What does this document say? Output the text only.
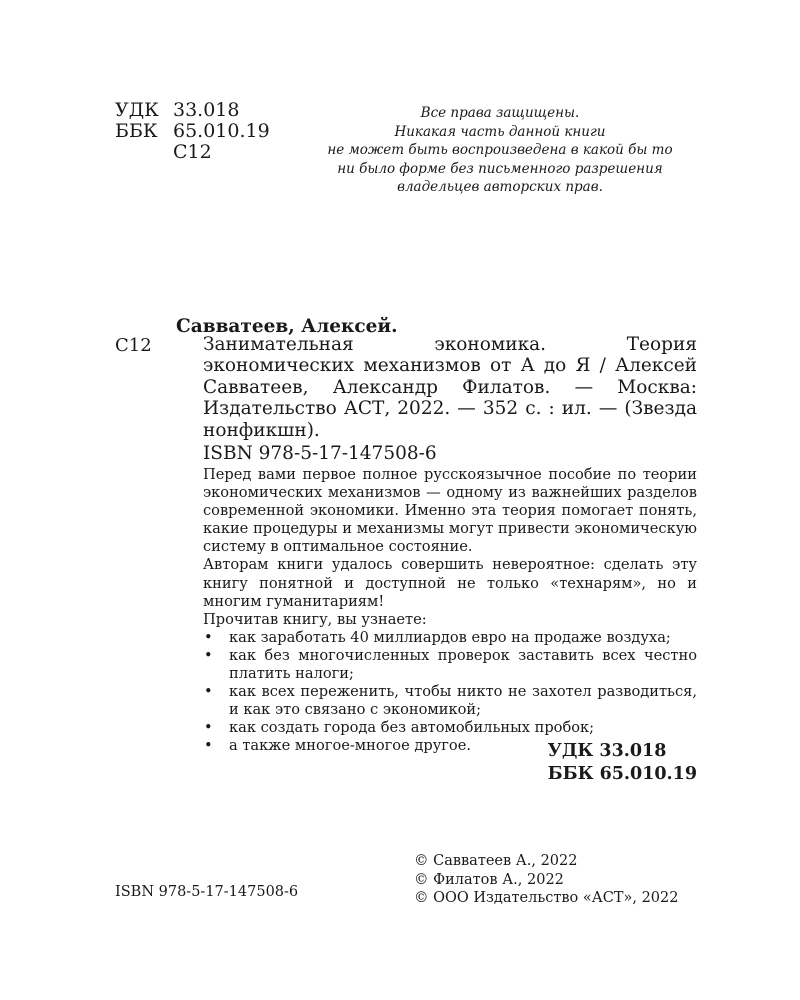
УДК 33.018
ББК 65.010.19
С12
Все права защищены.
Никакая часть данной книги
не может быть воспроизведена в какой бы то
ни было форме без письменного разрешения
владельцев авторских прав.
Савватеев, Алексей.
С12	Занимательная экономика. Теория экономических механизмов от А до Я / Алексей Савватеев, Александр Филатов. — Москва: Издательство АСТ, 2022. — 352 с. : ил. — (Звезда нонфикшн).
ISBN 978-5-17-147508-6
Перед вами первое полное русскоязычное пособие по теории экономических механизмов — одному из важнейших разделов современной экономики. Именно эта теория помогает понять, какие процедуры и механизмы могут привести экономическую систему в оптимальное состояние.
Авторам книги удалось совершить невероятное: сделать эту книгу понятной и доступной не только «технарям», но и многим гуманитариям!
Прочитав книгу, вы узнаете:
• как заработать 40 миллиардов евро на продаже воздуха;
• как без многочисленных проверок заставить всех честно платить налоги;
• как всех переженить, чтобы никто не захотел разводиться, и как это связано с экономикой;
• как создать города без автомобильных пробок;
• а также многое-многое другое.	УДК 33.018
ББК 65.010.19
© Савватеев А., 2022
© Филатов А., 2022
© ООО Издательство «АСТ», 2022
ISBN 978-5-17-147508-6
